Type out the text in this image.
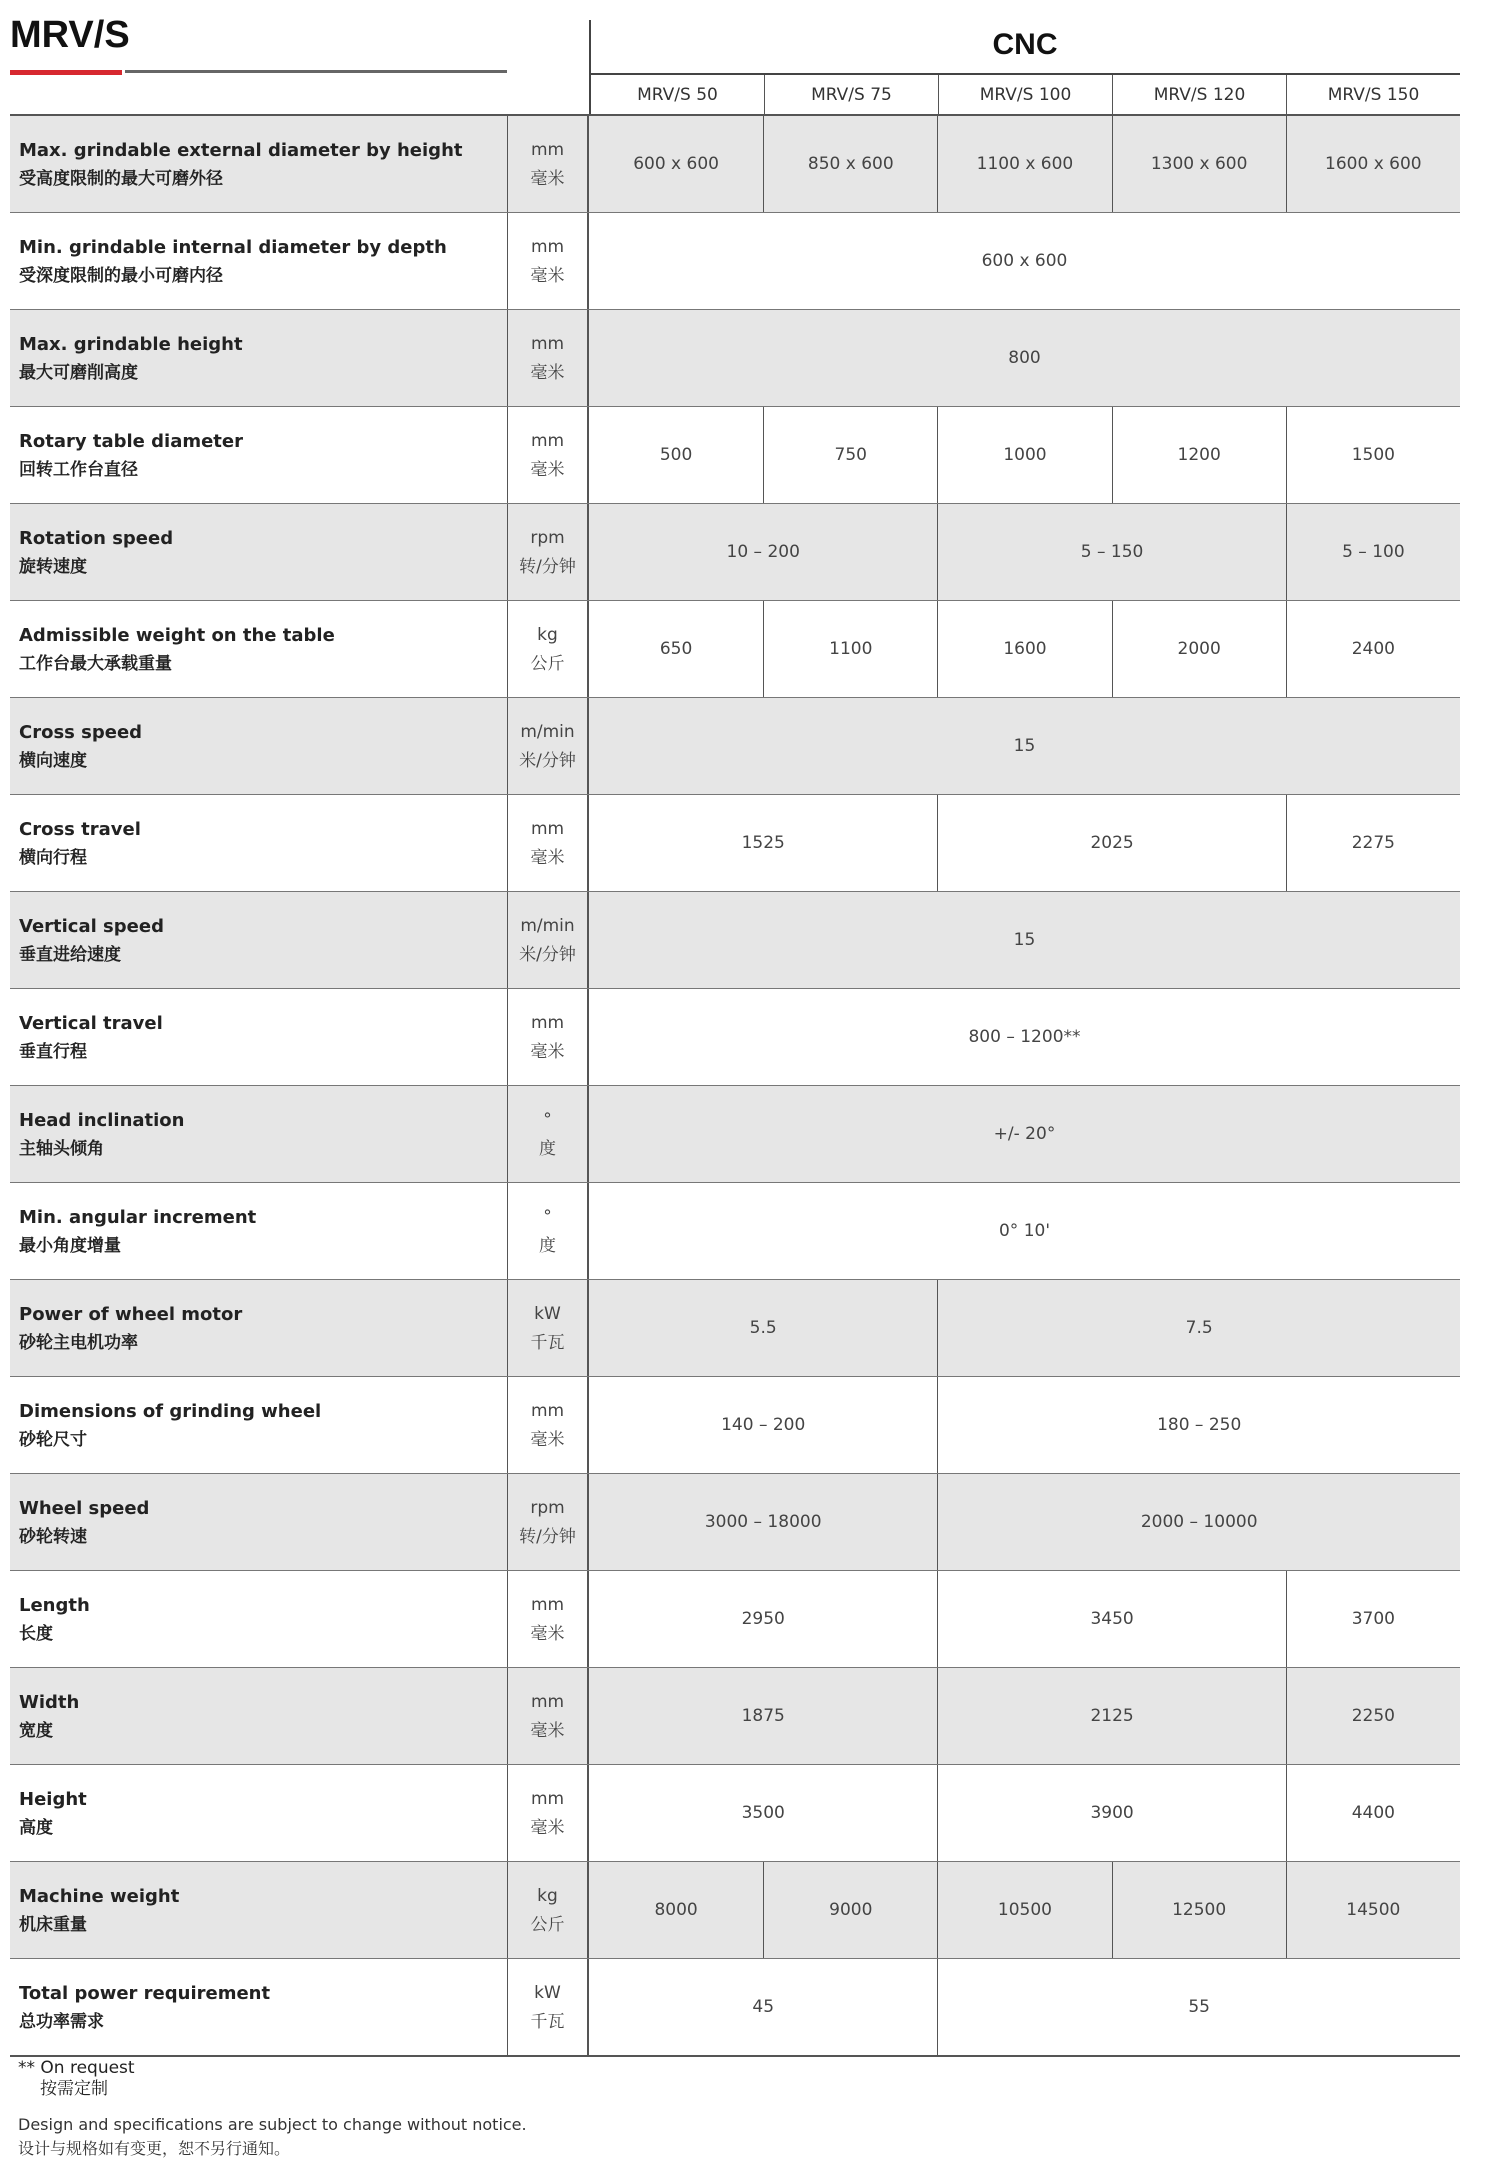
MRV/S	CNC
MRV/S 50	MRV/S 75	MRV/S 100	MRV/S 120	MRV/S 150
Max. grindable external diameter by height
受高度限制的最大可磨外径
mm
毫米
600 x 600	850 x 600	1100 x 600	1300 x 600	1600 x 600
Min. grindable internal diameter by depth
受深度限制的最小可磨内径
mm
毫米
600 x 600
Max. grindable height
最大可磨削高度
mm
毫米
800
Rotary table diameter
回转工作台直径
mm
毫米
500	750	1000	1200	1500
Rotation speed
旋转速度
rpm
转/分钟
10 – 200	5 – 150	5 – 100
Admissible weight on the table
工作台最大承载重量
kg
公斤
650	1100	1600	2000	2400
Cross speed
横向速度
m/min
米/分钟
15
Cross travel
横向行程
mm
毫米
1525	2025	2275
Vertical speed
垂直进给速度
m/min
米/分钟
15
Vertical travel
垂直行程
mm
毫米
800 – 1200**
Head inclination
主轴头倾角
°
度
+/- 20°
Min. angular increment
最小角度增量
°
度
0° 10'
Power of wheel motor
砂轮主电机功率
kW
千瓦
5.5	7.5
Dimensions of grinding wheel
砂轮尺寸
mm
毫米
140 – 200	180 – 250
Wheel speed
砂轮转速
rpm
转/分钟
3000 – 18000	2000 – 10000
Length
长度
mm
毫米
2950	3450	3700
Width
宽度
mm
毫米
1875	2125	2250
Height
高度
mm
毫米
3500	3900	4400
Machine weight
机床重量
kg
公斤
8000	9000	10500	12500	14500
Total power requirement
总功率需求
kW
千瓦
45	55
** On request
按需定制
Design and specifications are subject to change without notice.
设计与规格如有变更，恕不另行通知。
